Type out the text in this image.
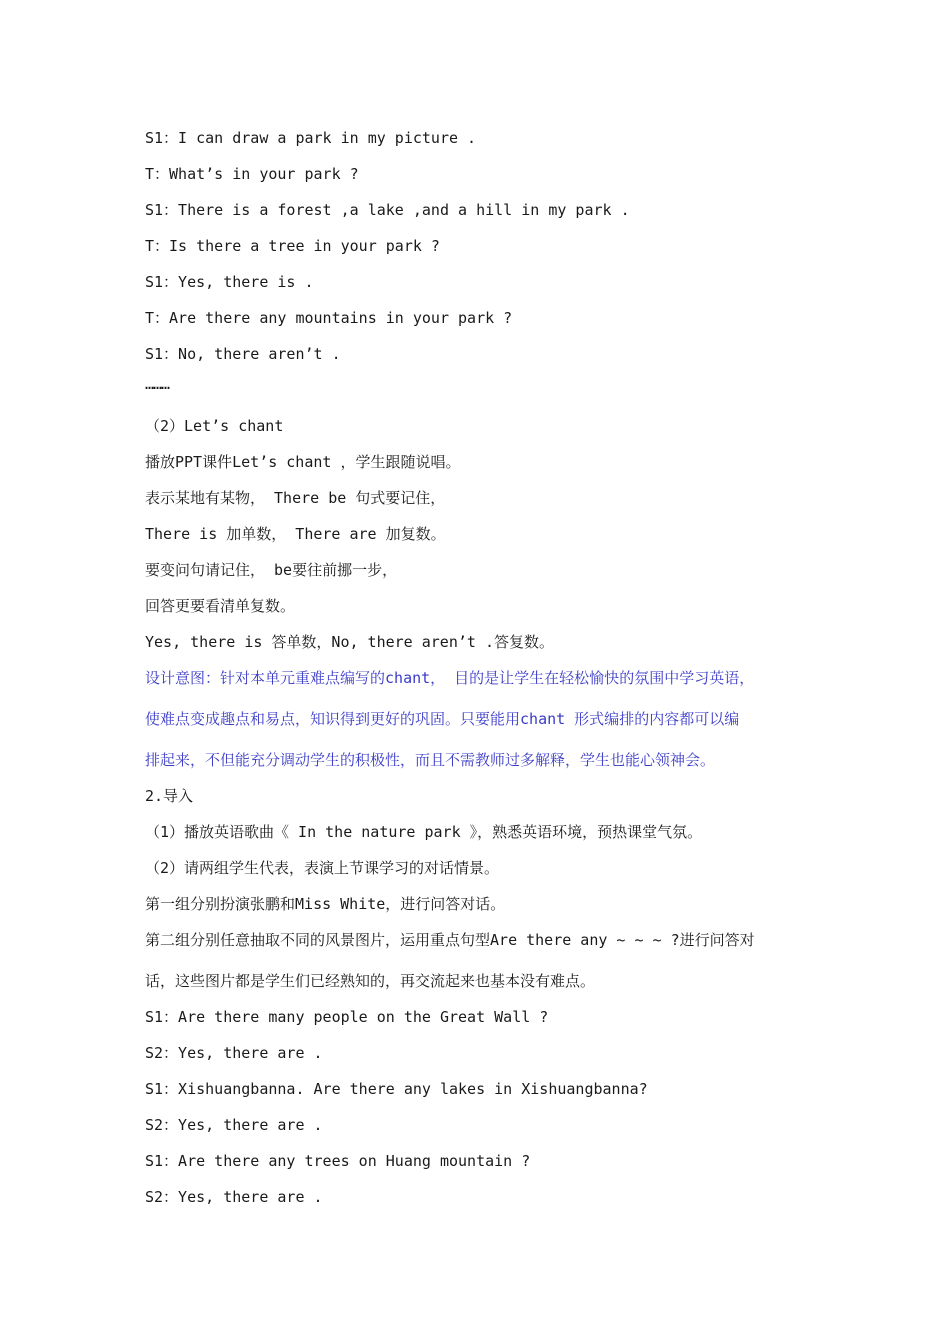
S1：I can draw a park in my picture .
T：What’s in your park ?
S1：There is a forest ,a lake ,and a hill in my park .
T：Is there a tree in your park ?
S1：Yes, there is .
T：Are there any mountains in your park ?
S1：No, there aren’t .
………
（2）Let’s chant
播放PPT课件Let’s chant ，学生跟随说唱。
表示某地有某物， There be 句式要记住，
There is 加单数， There are 加复数。
要变问句请记住， be要往前挪一步，
回答更要看清单复数。
Yes, there is 答单数，No, there aren’t .答复数。
设计意图：针对本单元重难点编写的chant， 目的是让学生在轻松愉快的氛围中学习英语，
使难点变成趣点和易点，知识得到更好的巩固。只要能用chant 形式编排的内容都可以编
排起来，不但能充分调动学生的积极性，而且不需教师过多解释，学生也能心领神会。
2.导入
（1）播放英语歌曲《 In the nature park 》，熟悉英语环境，预热课堂气氛。
（2）请两组学生代表，表演上节课学习的对话情景。
第一组分别扮演张鹏和Miss White，进行问答对话。
第二组分别任意抽取不同的风景图片，运用重点句型Are there any ~ ~ ~ ?进行问答对
话，这些图片都是学生们已经熟知的，再交流起来也基本没有难点。
S1：Are there many people on the Great Wall ?
S2：Yes, there are .
S1：Xishuangbanna. Are there any lakes in Xishuangbanna?
S2：Yes, there are .
S1：Are there any trees on Huang mountain ?
S2：Yes, there are .
